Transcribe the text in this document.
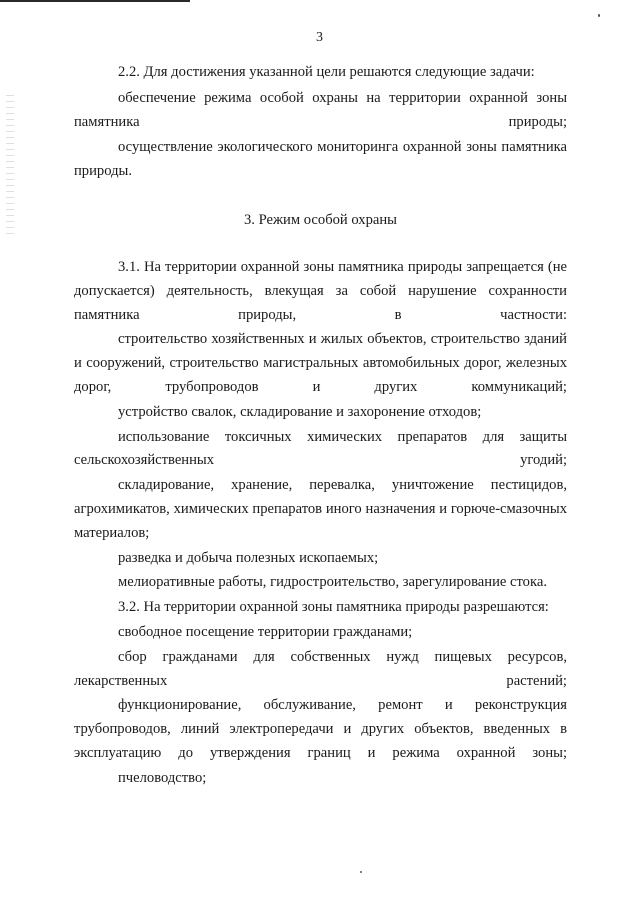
3

2.2. Для достижения указанной цели решаются следующие задачи:

обеспечение режима особой охраны на территории охранной зоны памятника природы;

осуществление экологического мониторинга охранной зоны памятника природы.

3. Режим особой охраны

3.1. На территории охранной зоны памятника природы запрещается (не допускается) деятельность, влекущая за собой нарушение сохранности памятника природы, в частности:

строительство хозяйственных и жилых объектов, строительство зданий и сооружений, строительство магистральных автомобильных дорог, железных дорог, трубопроводов и других коммуникаций;

устройство свалок, складирование и захоронение отходов;

использование токсичных химических препаратов для защиты сельскохозяйственных угодий;

складирование, хранение, перевалка, уничтожение пестицидов, агрохимикатов, химических препаратов иного назначения и горюче-смазочных материалов;

разведка и добыча полезных ископаемых;

мелиоративные работы, гидростроительство, зарегулирование стока.

3.2. На территории охранной зоны памятника природы разрешаются:

свободное посещение территории гражданами;

сбор гражданами для собственных нужд пищевых ресурсов, лекарственных растений;

функционирование, обслуживание, ремонт и реконструкция трубопроводов, линий электропередачи и других объектов, введенных в эксплуатацию до утверждения границ и режима охранной зоны;

пчеловодство;
